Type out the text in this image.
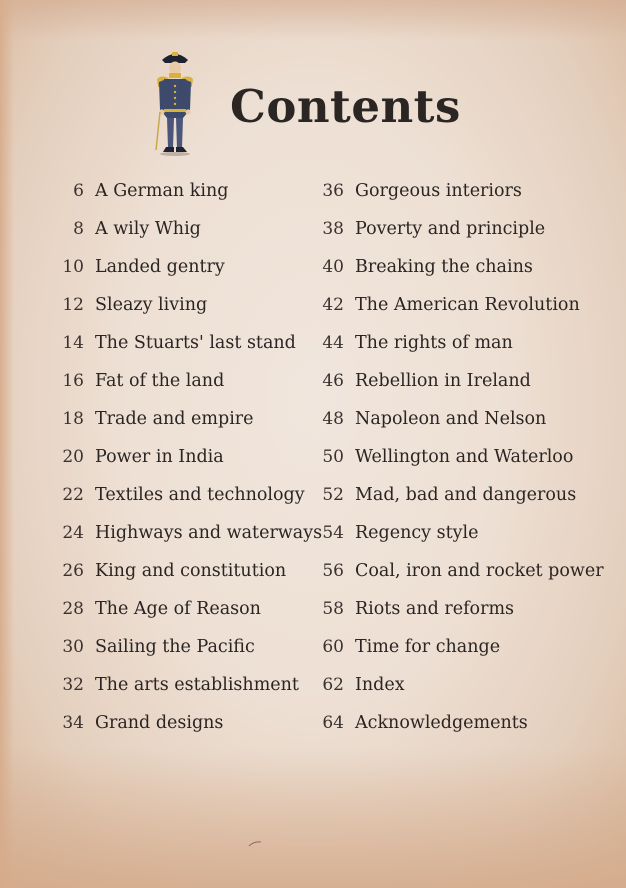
Contents
6 A German king
8 A wily Whig
10 Landed gentry
12 Sleazy living
14 The Stuarts' last stand
16 Fat of the land
18 Trade and empire
20 Power in India
22 Textiles and technology
24 Highways and waterways
26 King and constitution
28 The Age of Reason
30 Sailing the Pacific
32 The arts establishment
34 Grand designs
36 Gorgeous interiors
38 Poverty and principle
40 Breaking the chains
42 The American Revolution
44 The rights of man
46 Rebellion in Ireland
48 Napoleon and Nelson
50 Wellington and Waterloo
52 Mad, bad and dangerous
54 Regency style
56 Coal, iron and rocket power
58 Riots and reforms
60 Time for change
62 Index
64 Acknowledgements
